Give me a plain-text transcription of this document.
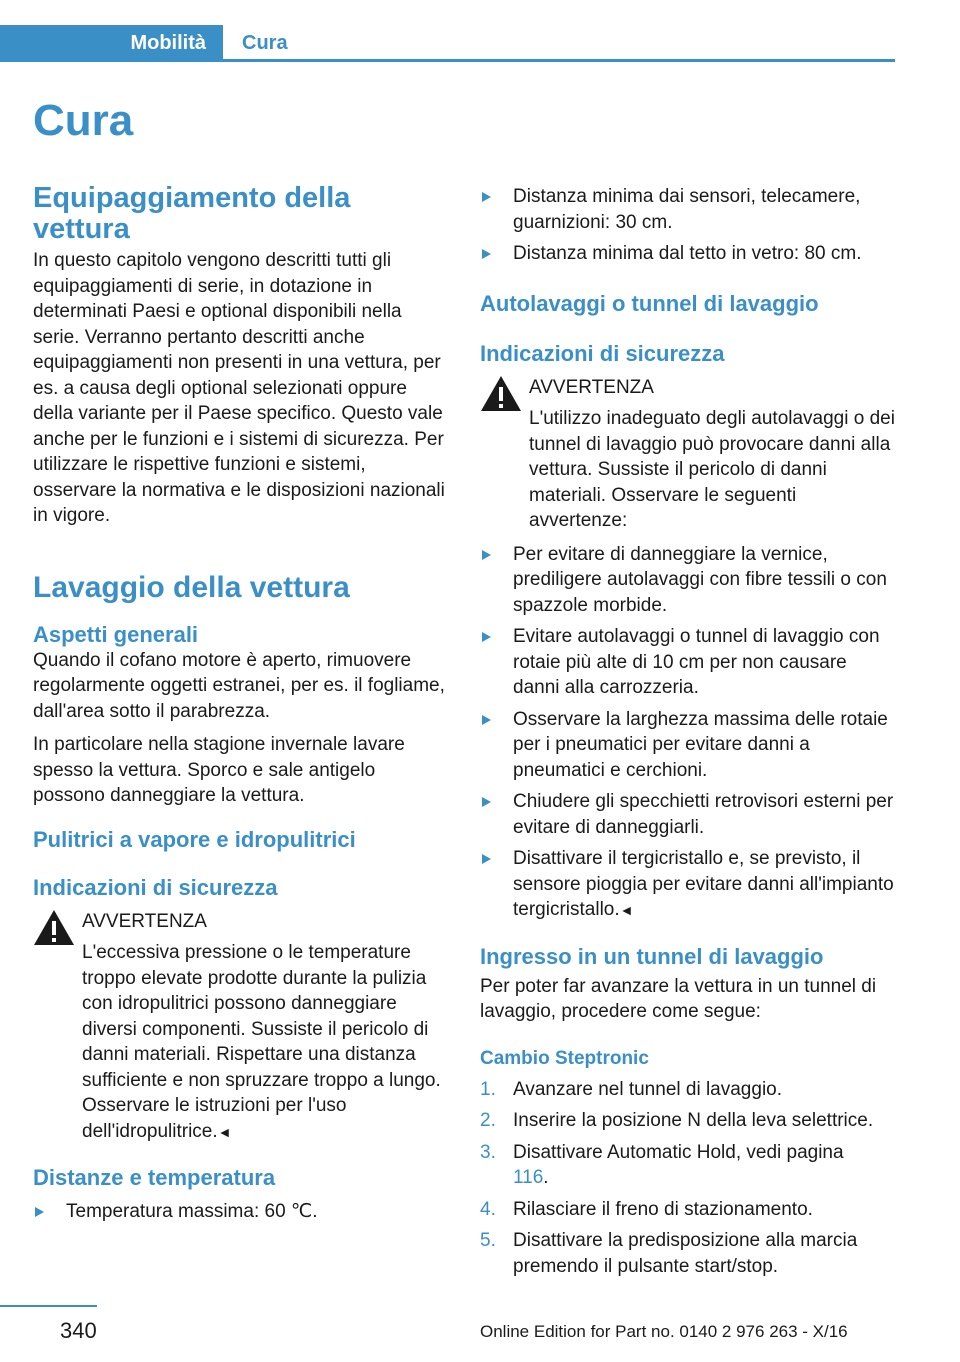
Mobilità	Cura
Cura
Equipaggiamento della vettura

In questo capitolo vengono descritti tutti gli equipaggiamenti di serie, in dotazione in determinati Paesi e optional disponibili nella serie. Verranno pertanto descritti anche equipaggiamenti non presenti in una vettura, per es. a causa degli optional selezionati oppure della variante per il Paese specifico. Questo vale anche per le funzioni e i sistemi di sicurezza. Per utilizzare le rispettive funzioni e sistemi, osservare la normativa e le disposizioni nazionali in vigore.

Lavaggio della vettura
Aspetti generali

Quando il cofano motore è aperto, rimuovere regolarmente oggetti estranei, per es. il fogliame, dall'area sotto il parabrezza.

In particolare nella stagione invernale lavare spesso la vettura. Sporco e sale antigelo possono danneggiare la vettura.

Pulitrici a vapore e idropulitrici
Indicazioni di sicurezza

AVVERTENZA

L'eccessiva pressione o le temperature troppo elevate prodotte durante la pulizia con idropulitrici possono danneggiare diversi componenti. Sussiste il pericolo di danni materiali. Rispettare una distanza sufficiente e non spruzzare troppo a lungo. Osservare le istruzioni per l'uso dell'idropulitrice.◄

Distanze e temperatura
Temperatura massima: 60 ℃.
Distanza minima dai sensori, telecamere, guarnizioni: 30 cm.
Distanza minima dal tetto in vetro: 80 cm.
Autolavaggi o tunnel di lavaggio
Indicazioni di sicurezza

AVVERTENZA

L'utilizzo inadeguato degli autolavaggi o dei tunnel di lavaggio può provocare danni alla vettura. Sussiste il pericolo di danni materiali. Osservare le seguenti avvertenze:

Per evitare di danneggiare la vernice, prediligere autolavaggi con fibre tessili o con spazzole morbide.
Evitare autolavaggi o tunnel di lavaggio con rotaie più alte di 10 cm per non causare danni alla carrozzeria.
Osservare la larghezza massima delle rotaie per i pneumatici per evitare danni a pneumatici e cerchioni.
Chiudere gli specchietti retrovisori esterni per evitare di danneggiarli.
Disattivare il tergicristallo e, se previsto, il sensore pioggia per evitare danni all'impianto tergicristallo.◄
Ingresso in un tunnel di lavaggio

Per poter far avanzare la vettura in un tunnel di lavaggio, procedere come segue:

Cambio Steptronic
1. Avanzare nel tunnel di lavaggio.
2. Inserire la posizione N della leva selettrice.
3. Disattivare Automatic Hold, vedi pagina 116.
4. Rilasciare il freno di stazionamento.
5. Disattivare la predisposizione alla marcia premendo il pulsante start/stop.
340	Online Edition for Part no. 0140 2 976 263 - X/16
